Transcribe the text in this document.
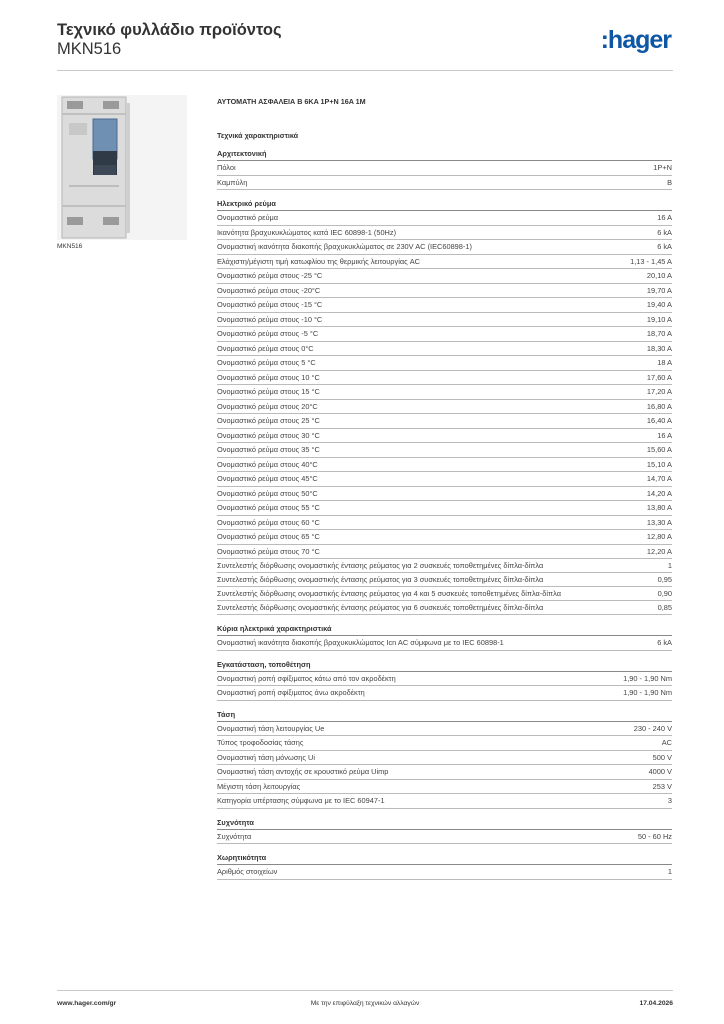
Τεχνικό φυλλάδιο προϊόντος
MKN516	:hager
MKN516
ΑΥΤΟΜΑΤΗ ΑΣΦΑΛΕΙΑ Β 6KA 1P+N 16A 1M
Τεχνικά χαρακτηριστικά
Αρχιτεκτονική
Πόλοι	1P+N
Καμπύλη	B
Ηλεκτρικό ρεύμα
Ονομαστικό ρεύμα	16 A
Ικανότητα βραχυκυκλώματος κατά IEC 60898-1 (50Hz)	6 kA
Ονομαστική ικανότητα διακοπής βραχυκυκλώματος σε 230V AC (IEC60898-1)	6 kA
Ελάχιστη/μέγιστη τιμή κατωφλίου της θερμικής λειτουργίας AC	1,13 - 1,45 A
Ονομαστικό ρεύμα στους -25 °C	20,10 A
Ονομαστικό ρεύμα στους -20°C	19,70 A
Ονομαστικό ρεύμα στους -15 °C	19,40 A
Ονομαστικό ρεύμα στους -10 °C	19,10 A
Ονομαστικό ρεύμα στους -5 °C	18,70 A
Ονομαστικό ρεύμα στους 0°C	18,30 A
Ονομαστικό ρεύμα στους 5 °C	18 A
Ονομαστικό ρεύμα στους 10 °C	17,60 A
Ονομαστικό ρεύμα στους 15 °C	17,20 A
Ονομαστικό ρεύμα στους 20°C	16,80 A
Ονομαστικό ρεύμα στους 25 °C	16,40 A
Ονομαστικό ρεύμα στους 30 °C	16 A
Ονομαστικό ρεύμα στους 35 °C	15,60 A
Ονομαστικό ρεύμα στους 40°C	15,10 A
Ονομαστικό ρεύμα στους 45°C	14,70 A
Ονομαστικό ρεύμα στους 50°C	14,20 A
Ονομαστικό ρεύμα στους 55 °C	13,80 A
Ονομαστικό ρεύμα στους 60 °C	13,30 A
Ονομαστικό ρεύμα στους 65 °C	12,80 A
Ονομαστικό ρεύμα στους 70 °C	12,20 A
Συντελεστής διόρθωσης ονομαστικής έντασης ρεύματος για 2 συσκευές τοποθετημένες δίπλα-δίπλα	1
Συντελεστής διόρθωσης ονομαστικής έντασης ρεύματος για 3 συσκευές τοποθετημένες δίπλα-δίπλα	0,95
Συντελεστής διόρθωσης ονομαστικής έντασης ρεύματος για 4 και 5 συσκευές τοποθετημένες δίπλα-δίπλα	0,90
Συντελεστής διόρθωσης ονομαστικής έντασης ρεύματος για 6 συσκευές τοποθετημένες δίπλα-δίπλα	0,85
Κύρια ηλεκτρικά χαρακτηριστικά
Ονομαστική ικανότητα διακοπής βραχυκυκλώματος Icn AC σύμφωνα με το IEC 60898-1	6 kA
Εγκατάσταση, τοποθέτηση
Ονομαστική ροπή σφίξιματος κάτω από τον ακροδέκτη	1,90 - 1,90 Nm
Ονομαστική ροπή σφίξιματος άνω ακροδέκτη	1,90 - 1,90 Nm
Τάση
Ονομαστική τάση λειτουργίας Ue	230 - 240 V
Τύπος τροφοδοσίας τάσης	AC
Ονομαστική τάση μόνωσης Ui	500 V
Ονομαστική τάση αντοχής σε κρουστικό ρεύμα Uimp	4000 V
Μέγιστη τάση λειτουργίας	253 V
Κατηγορία υπέρτασης σύμφωνα με το IEC 60947-1	3
Συχνότητα
Συχνότητα	50 - 60 Hz
Χωρητικότητα
Αριθμός στοιχείων	1
www.hager.com/gr	Με την επιφύλαξη τεχνικών αλλαγών	17.04.2026
